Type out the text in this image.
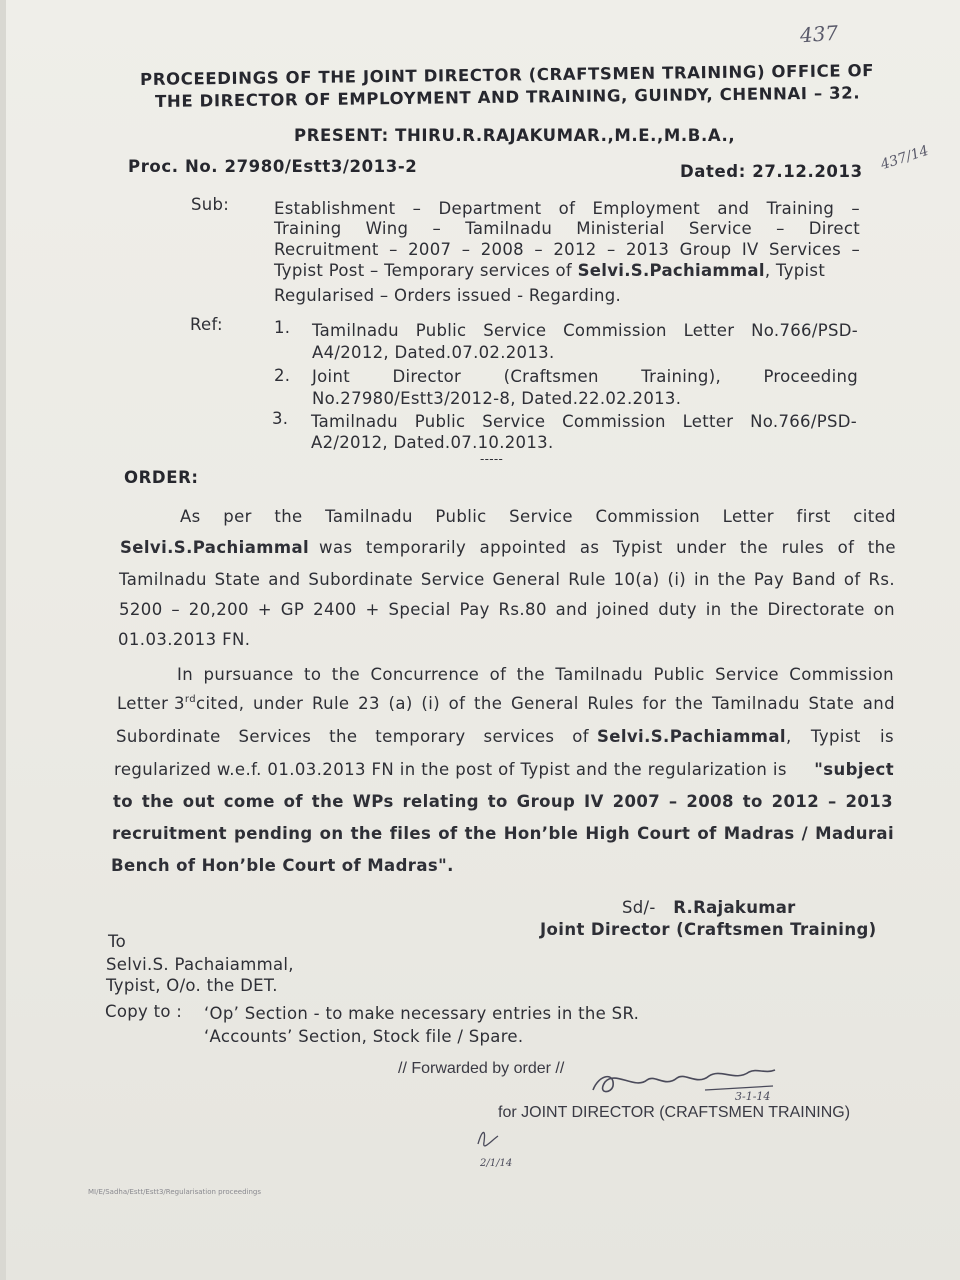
437
PROCEEDINGS OF THE JOINT DIRECTOR (CRAFTSMEN TRAINING) OFFICE OF
THE DIRECTOR OF EMPLOYMENT AND TRAINING, GUINDY, CHENNAI – 32.
PRESENT: THIRU.R.RAJAKUMAR.,M.E.,M.B.A.,
Proc. No. 27980/Estt3/2013-2	Dated: 27.12.2013 437/14
Sub:	Establishment – Department of Employment and Training –
Training Wing – Tamilnadu Ministerial Service – Direct
Recruitment – 2007 – 2008 – 2012 – 2013 Group IV Services –
Typist Post – Temporary services of Selvi.S.Pachiammal, Typist
Regularised – Orders issued - Regarding.
Ref:	1. Tamilnadu Public Service Commission Letter No.766/PSD-
A4/2012, Dated.07.02.2013.
2. Joint Director (Craftsmen Training), Proceeding
No.27980/Estt3/2012-8, Dated.22.02.2013.
3. Tamilnadu Public Service Commission Letter No.766/PSD-
A2/2012, Dated.07.10.2013.
-----
ORDER:
As per the Tamilnadu Public Service Commission Letter first cited
Selvi.S.Pachiammal was temporarily appointed as Typist under the rules of the
Tamilnadu State and Subordinate Service General Rule 10(a) (i) in the Pay Band of Rs.
5200 – 20,200 + GP 2400 + Special Pay Rs.80 and joined duty in the Directorate on
01.03.2013 FN.
In pursuance to the Concurrence of the Tamilnadu Public Service Commission
Letter 3 rd cited, under Rule 23 (a) (i) of the General Rules for the Tamilnadu State and
Subordinate Services the temporary services of Selvi.S.Pachiammal , Typist is
regularized w.e.f. 01.03.2013 FN in the post of Typist and the regularization is	"subject
to the out come of the WPs relating to Group IV 2007 – 2008 to 2012 – 2013
recruitment pending on the files of the Hon’ble High Court of Madras / Madurai
Bench of Hon’ble Court of Madras".
Sd/- R.Rajakumar
Joint Director (Craftsmen Training)
To
Selvi.S. Pachaiammal,
Typist, O/o. the DET.
Copy to : ‘Op’ Section - to make necessary entries in the SR.
‘Accounts’ Section, Stock file / Spare.
// Forwarded by order //
3-1-14
for JOINT DIRECTOR (CRAFTSMEN TRAINING)
2/1/14
MI/E/Sadha/Estt/Estt3/Regularisation proceedings
